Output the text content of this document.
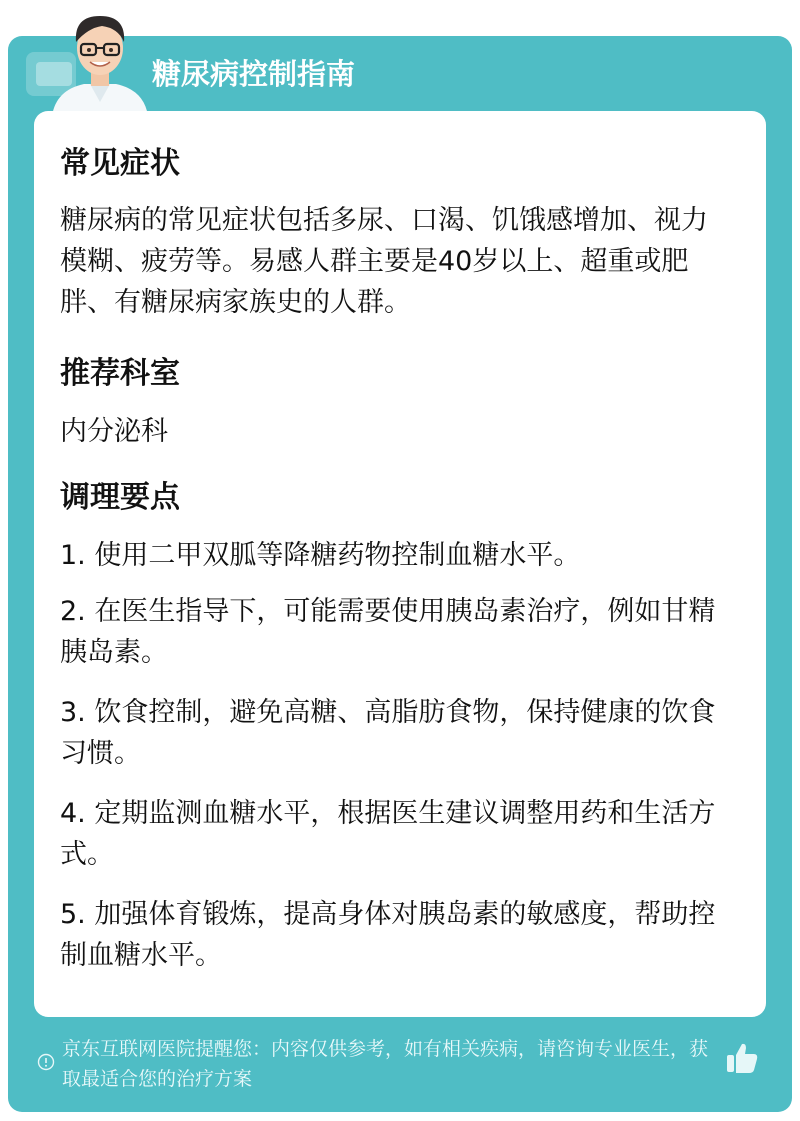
糖尿病控制指南
常见症状
糖尿病的常见症状包括多尿、口渴、饥饿感增加、视力模糊、疲劳等。易感人群主要是40岁以上、超重或肥胖、有糖尿病家族史的人群。
推荐科室
内分泌科
调理要点
1. 使用二甲双胍等降糖药物控制血糖水平。
2. 在医生指导下，可能需要使用胰岛素治疗，例如甘精胰岛素。
3. 饮食控制，避免高糖、高脂肪食物，保持健康的饮食习惯。
4. 定期监测血糖水平，根据医生建议调整用药和生活方式。
5. 加强体育锻炼，提高身体对胰岛素的敏感度，帮助控制血糖水平。
京东互联网医院提醒您：内容仅供参考，如有相关疾病，请咨询专业医生，获取最适合您的治疗方案
